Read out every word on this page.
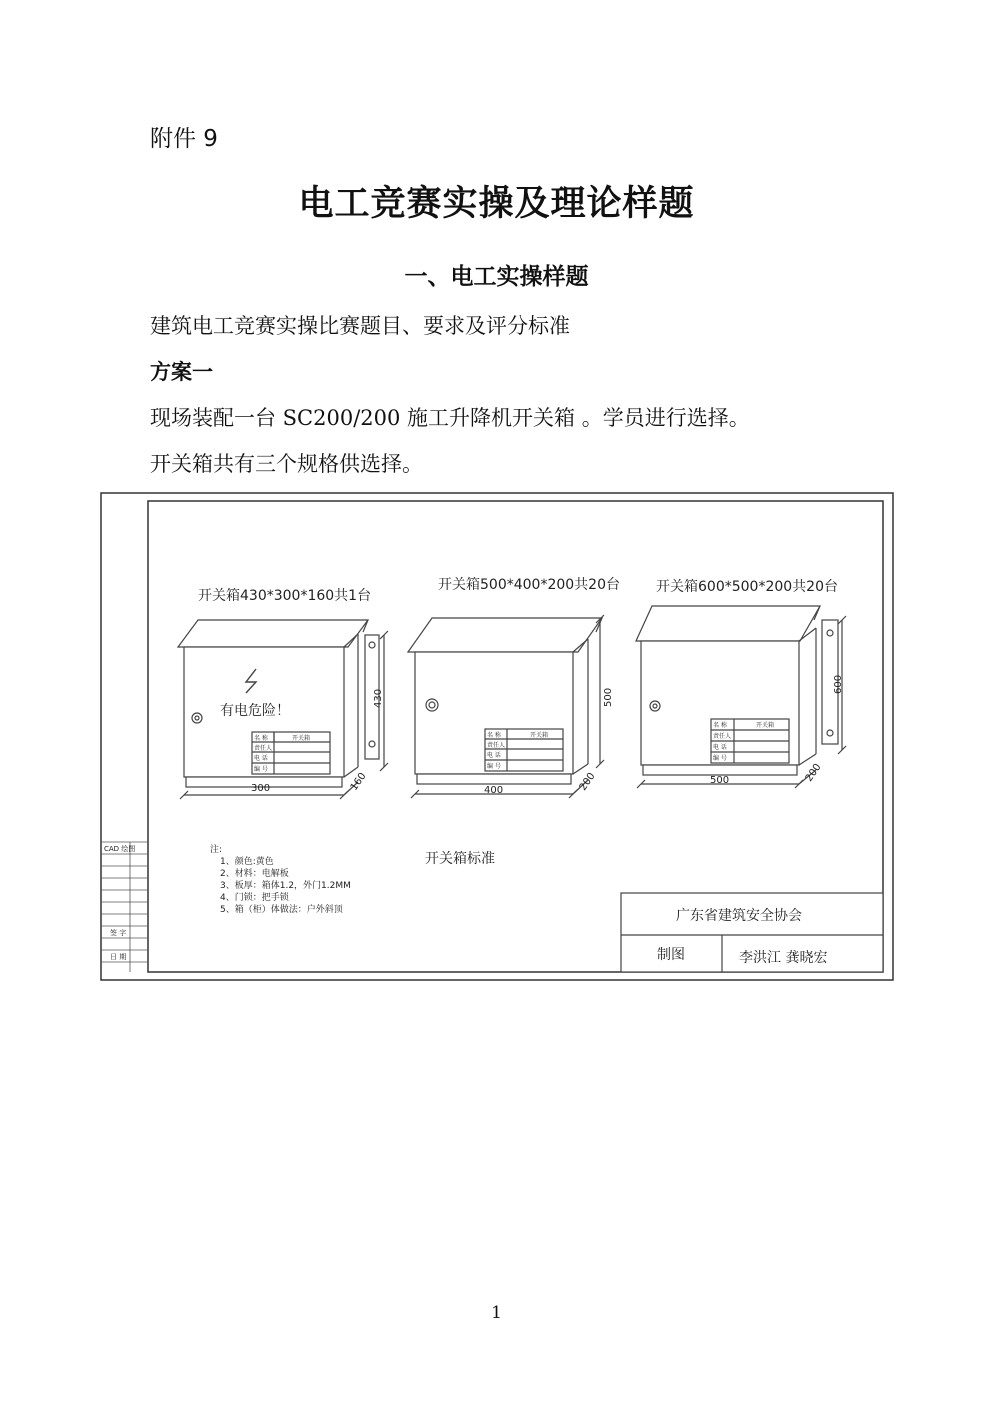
附件 9
电工竞赛实操及理论样题
一、电工实操样题
建筑电工竞赛实操比赛题目、要求及评分标准
方案一
现场装配一台 SC200/200 施工升降机开关箱 。学员进行选择。
开关箱共有三个规格供选择。
CAD 绘图
签 字
日 期
开关箱430*300*160共1台
有电危险！
300
430
160
名 称	开关箱
责任人
电 话
编 号
开关箱500*400*200共20台
400
500
200
名 称	开关箱
责任人
电 话
编 号
开关箱600*500*200共20台
500
600
200
名 称	开关箱
责任人
电 话
编 号
注:
1、颜色:黄色
2、材料：电解板
3、板厚：箱体1.2，外门1.2MM
4、门锁：把手锁
5、箱（柜）体做法：户外斜顶
开关箱标准
广东省建筑安全协会
制图	李洪江 龚晓宏
1
